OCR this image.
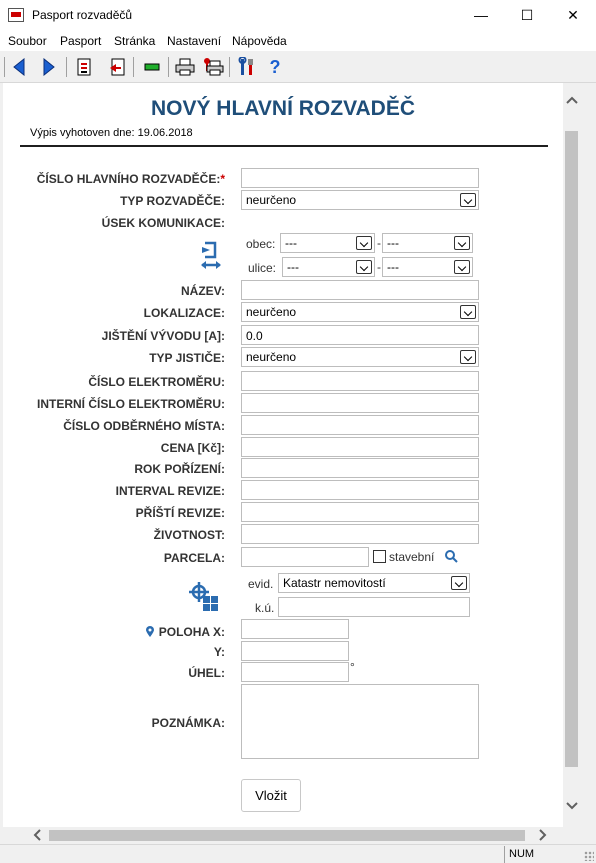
Pasport rozvaděčů	—	☐	✕
Soubor Pasport Stránka Nastavení Nápověda
?
NOVÝ HLAVNÍ ROZVADĚČ
Výpis vyhotoven dne: 19.06.2018
ČÍSLO HLAVNÍHO ROZVADĚČE:*
TYP ROZVADĚČE:	neurčeno
ÚSEK KOMUNIKACE:
obec: ---	- ---
ulice: ---	- ---
NÁZEV:
LOKALIZACE:	neurčeno
JIŠTĚNÍ VÝVODU [A]:	0.0
TYP JISTIČE:	neurčeno
ČÍSLO ELEKTROMĚRU:
INTERNÍ ČÍSLO ELEKTROMĚRU:
ČÍSLO ODBĚRNÉHO MÍSTA:
CENA [Kč]:
ROK POŘÍZENÍ:
INTERVAL REVIZE:
PŘÍŠTÍ REVIZE:
ŽIVOTNOST:
PARCELA:	stavební
evid. Katastr nemovitostí
k.ú.
POLOHA X:
Y:
ÚHEL:	°
POZNÁMKA:
Vložit
NUM
